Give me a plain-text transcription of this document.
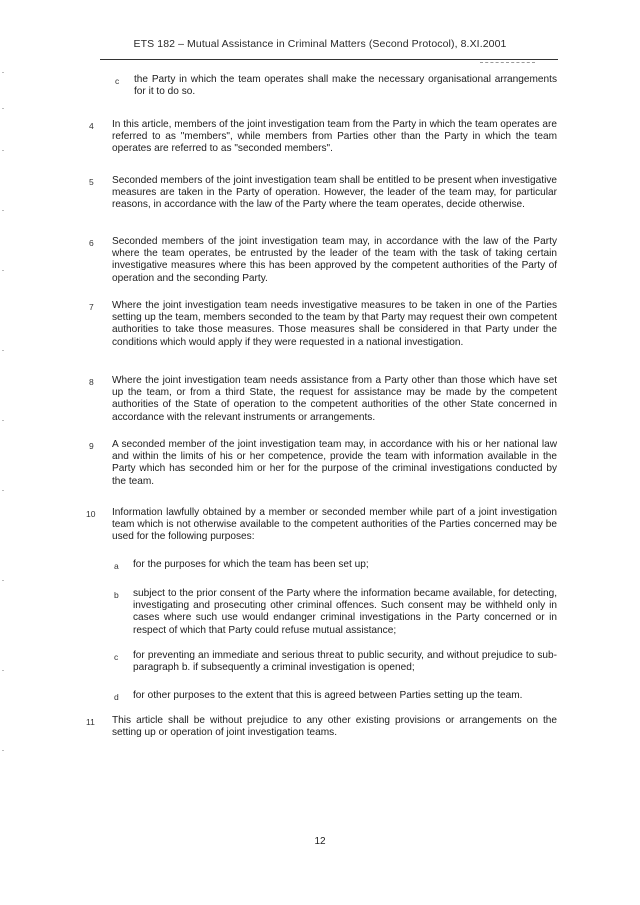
ETS 182 – Mutual Assistance in Criminal Matters (Second Protocol), 8.XI.2001
c the Party in which the team operates shall make the necessary organisational arrangements for it to do so.
4 In this article, members of the joint investigation team from the Party in which the team operates are referred to as "members", while members from Parties other than the Party in which the team operates are referred to as "seconded members".
5 Seconded members of the joint investigation team shall be entitled to be present when investigative measures are taken in the Party of operation. However, the leader of the team may, for particular reasons, in accordance with the law of the Party where the team operates, decide otherwise.
6 Seconded members of the joint investigation team may, in accordance with the law of the Party where the team operates, be entrusted by the leader of the team with the task of taking certain investigative measures where this has been approved by the competent authorities of the Party of operation and the seconding Party.
7 Where the joint investigation team needs investigative measures to be taken in one of the Parties setting up the team, members seconded to the team by that Party may request their own competent authorities to take those measures. Those measures shall be considered in that Party under the conditions which would apply if they were requested in a national investigation.
8 Where the joint investigation team needs assistance from a Party other than those which have set up the team, or from a third State, the request for assistance may be made by the competent authorities of the State of operation to the competent authorities of the other State concerned in accordance with the relevant instruments or arrangements.
9 A seconded member of the joint investigation team may, in accordance with his or her national law and within the limits of his or her competence, provide the team with information available in the Party which has seconded him or her for the purpose of the criminal investigations conducted by the team.
10 Information lawfully obtained by a member or seconded member while part of a joint investigation team which is not otherwise available to the competent authorities of the Parties concerned may be used for the following purposes:
a for the purposes for which the team has been set up;
b subject to the prior consent of the Party where the information became available, for detecting, investigating and prosecuting other criminal offences. Such consent may be withheld only in cases where such use would endanger criminal investigations in the Party concerned or in respect of which that Party could refuse mutual assistance;
c for preventing an immediate and serious threat to public security, and without prejudice to sub-paragraph b. if subsequently a criminal investigation is opened;
d for other purposes to the extent that this is agreed between Parties setting up the team.
11 This article shall be without prejudice to any other existing provisions or arrangements on the setting up or operation of joint investigation teams.
12
